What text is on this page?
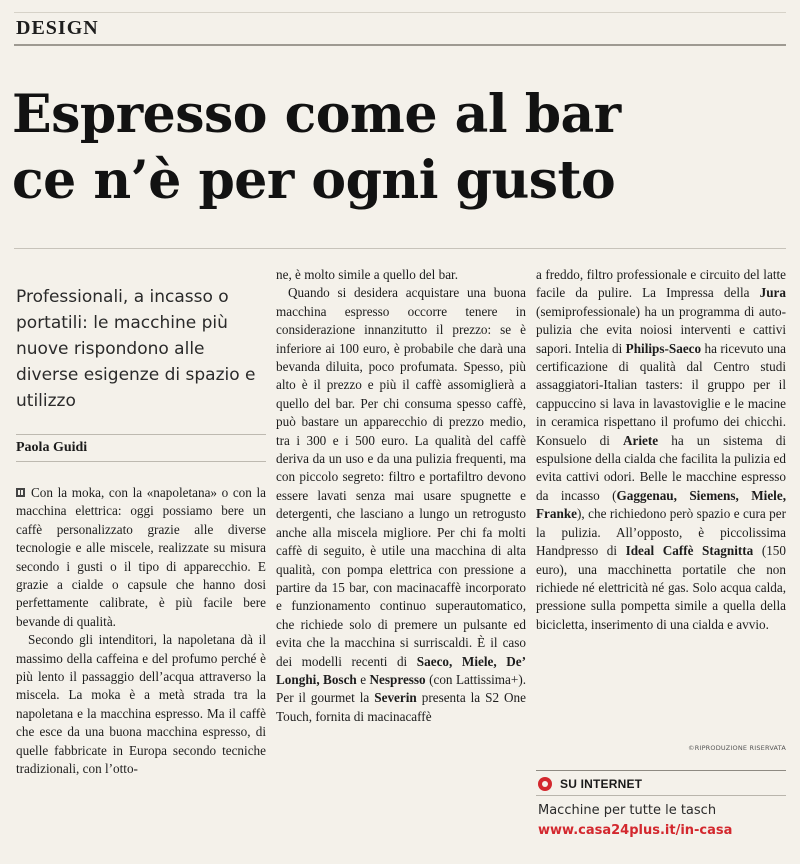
DESIGN
Espresso come al bar
ce n’è per ogni gusto
Professionali, a incasso o portatili: le macchine più nuove rispondono alle diverse esigenze di spazio e utilizzo
Paola Guidi

Con la moka, con la «napoletana» o con la macchina elettrica: oggi possiamo bere un caffè personalizzato grazie alle diverse tecnologie e alle miscele, realizzate su misura secondo i gusti o il tipo di apparecchio. E grazie a cialde o capsule che hanno dosi perfettamente calibrate, è più facile bere bevande di qualità.

Secondo gli intenditori, la napoletana dà il massimo della caffeina e del profumo perché è più lento il passaggio dell’acqua attraverso la miscela. La moka è a metà strada tra la napoletana e la macchina espresso. Ma il caffè che esce da una buona macchina espresso, di quelle fabbricate in Europa secondo tecniche tradizionali, con l’otto-

ne, è molto simile a quello del bar.

Quando si desidera acquistare una buona macchina espresso occorre tenere in considerazione innanzitutto il prezzo: se è inferiore ai 100 euro, è probabile che darà una bevanda diluita, poco profumata. Spesso, più alto è il prezzo e più il caffè assomiglierà a quello del bar. Per chi consuma spesso caffè, può bastare un apparecchio di prezzo medio, tra i 300 e i 500 euro. La qualità del caffè deriva da un uso e da una pulizia frequenti, ma con piccolo segreto: filtro e portafiltro devono essere lavati senza mai usare spugnette e detergenti, che lasciano a lungo un retrogusto anche alla miscela migliore. Per chi fa molti caffè di seguito, è utile una macchina di alta qualità, con pompa elettrica con pressione a partire da 15 bar, con macinacaffè incorporato e funzionamento continuo superautomatico, che richiede solo di premere un pulsante ed evita che la macchina si surriscaldi. È il caso dei modelli recenti di Saeco, Miele, De’ Longhi, Bosch e Nespresso (con Lattissima+). Per il gourmet la Severin presenta la S2 One Touch, fornita di macinacaffè

a freddo, filtro professionale e circuito del latte facile da pulire. La Impressa della Jura (semiprofessionale) ha un programma di auto-pulizia che evita noiosi interventi e cattivi sapori. Intelia di Philips-Saeco ha ricevuto una certificazione di qualità dal Centro studi assaggiatori-Italian tasters: il gruppo per il cappuccino si lava in lavastoviglie e le macine in ceramica rispettano il profumo dei chicchi. Konsuelo di Ariete ha un sistema di espulsione della cialda che facilita la pulizia ed evita cattivi odori. Belle le macchine espresso da incasso (Gaggenau, Siemens, Miele, Franke), che richiedono però spazio e cura per la pulizia. All’opposto, è piccolissima Handpresso di Ideal Caffè Stagnitta (150 euro), una macchinetta portatile che non richiede né elettricità né gas. Solo acqua calda, pressione sulla pompetta simile a quella della bicicletta, inserimento di una cialda e avvio.

©RIPRODUZIONE RISERVATA
SU INTERNET
Macchine per tutte le tasch
www.casa24plus.it/in-casa
